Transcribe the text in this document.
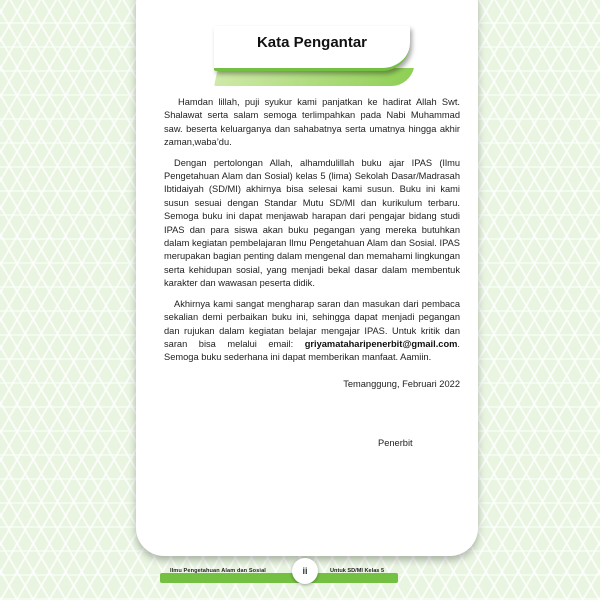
Kata Pengantar

Hamdan lillah, puji syukur kami panjatkan ke hadirat Allah Swt. Shalawat serta salam semoga terlimpahkan pada Nabi Muhammad saw. beserta keluarganya dan sahabatnya serta umatnya hingga akhir zaman,waba’du.

Dengan pertolongan Allah, alhamdulillah buku ajar IPAS (Ilmu Pengetahuan Alam dan Sosial) kelas 5 (lima) Sekolah Dasar/Madrasah Ibtidaiyah (SD/MI) akhirnya bisa selesai kami susun. Buku ini kami susun sesuai dengan Standar Mutu SD/MI dan kurikulum terbaru. Semoga buku ini dapat menjawab harapan dari pengajar bidang studi IPAS dan para siswa akan buku pegangan yang mereka butuhkan dalam kegiatan pembelajaran Ilmu Pengetahuan Alam dan Sosial. IPAS merupakan bagian penting dalam mengenal dan memahami lingkungan serta kehidupan sosial, yang menjadi bekal dasar dalam membentuk karakter dan wawasan peserta didik.

Akhirnya kami sangat mengharap saran dan masukan dari pembaca sekalian demi perbaikan buku ini, sehingga dapat menjadi pegangan dan rujukan dalam kegiatan belajar mengajar IPAS. Untuk kritik dan saran bisa melalui email: griyamataharipenerbit@gmail.com. Semoga buku sederhana ini dapat memberikan manfaat. Aamiin.

Temanggung, Februari 2022
Penerbit
Ilmu Pengetahuan Alam dan Sosial	ii	Untuk SD/MI Kelas 5
